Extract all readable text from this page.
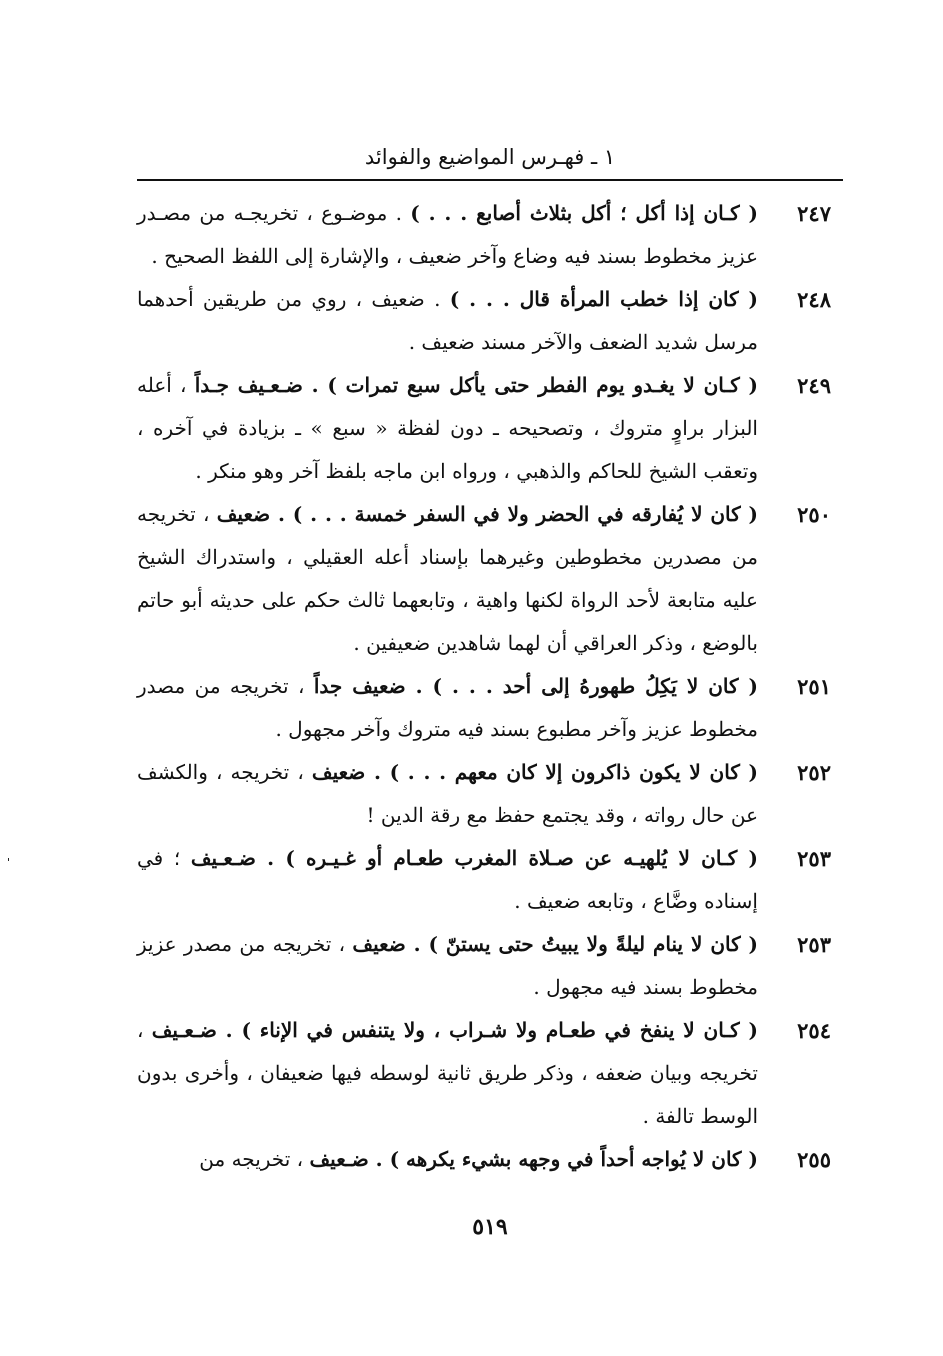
١ ـ فهـرس المواضيع والفوائد
٢٤٧
( كـان إذا أكل ؛ أكل بثلاث أصابع . . . ) . موضـوع ، تخريجـه من مصـدر عزيز مخطوط بسند فيه وضاع وآخر ضعيف ، والإشارة إلى اللفظ الصحيح .
٢٤٨
( كان إذا خطب المرأة قال . . . ) . ضعيف ، روي من طريقين أحدهما مرسل شديد الضعف والآخر مسند ضعيف .
٢٤٩
( كـان لا يغـدو يوم الفطر حتى يأكل سبع تمرات ) . ضـعـيف جـداً ، أعله البزار براوٍ متروك ، وتصحيحه ـ دون لفظة « سبع » ـ بزيادة في آخره ، وتعقب الشيخ للحاكم والذهبي ، ورواه ابن ماجه بلفظ آخر وهو منكر .
٢٥٠
( كان لا يُفارقه في الحضر ولا في السفر خمسة . . . ) . ضعيف ، تخريجه من مصدرين مخطوطين وغيرهما بإسناد أعله العقيلي ، واستدراك الشيخ عليه متابعة لأحد الرواة لكنها واهية ، وتابعهما ثالث حكم على حديثه أبو حاتم بالوضع ، وذكر العراقي أن لهما شاهدين ضعيفين .
٢٥١
( كان لا يَكِلُ طهورهُ إلى أحد . . . ) . ضعيف جداً ، تخريجه من مصدر مخطوط عزيز وآخر مطبوع بسند فيه متروك وآخر مجهول .
٢٥٢
( كان لا يكون ذاكرون إلا كان معهم . . . ) . ضعيف ، تخريجه ، والكشف عن حال رواته ، وقد يجتمع حفظ مع رقة الدين !
٢٥٣
( كـان لا يُلهيـه عن صـلاة المغرب طعـام أو غـيـره ) . ضـعـيف ؛ في إسناده وضَّاع ، وتابعه ضعيف .
٢٥٣
( كان لا ينام ليلةً ولا يبيتُ حتى يستنّ ) . ضعيف ، تخريجه من مصدر عزيز مخطوط بسند فيه مجهول .
٢٥٤
( كـان لا ينفخ في طعـام ولا شـراب ، ولا يتنفس في الإناء ) . ضـعـيف ، تخريجه وبيان ضعفه ، وذكر طريق ثانية لوسطه فيها ضعيفان ، وأخرى بدون الوسط تالفة .
٢٥٥
( كان لا يُواجه أحداً في وجهه بشيء يكرهه ) . ضـعيف ، تخريجه من
٥١٩
